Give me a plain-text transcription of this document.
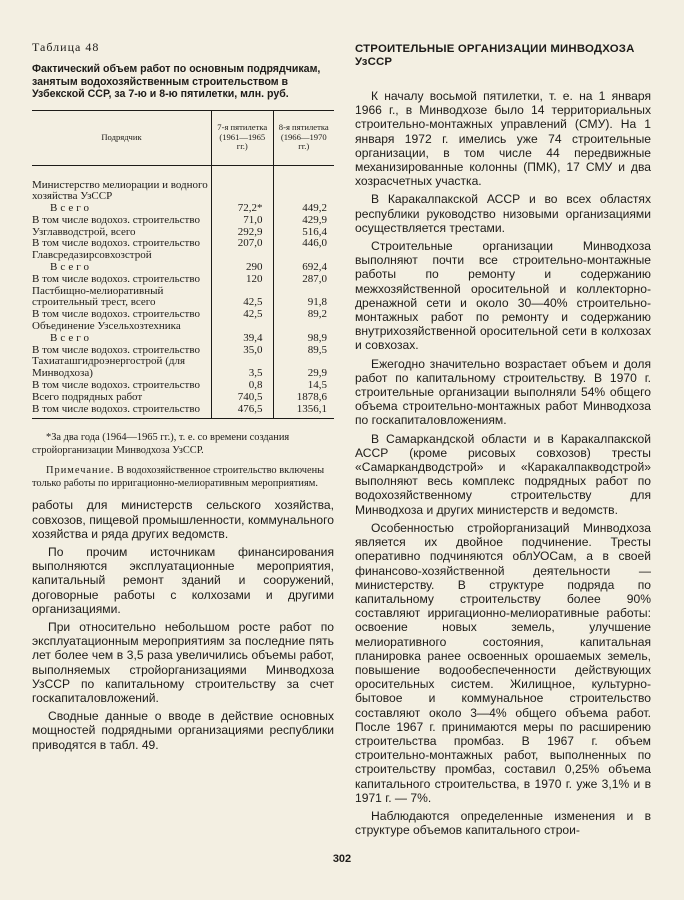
Таблица 48
Фактический объем работ по основным подрядчикам, занятым водохозяйственным строительством в Узбекской ССР, за 7-ю и 8-ю пятилетки, млн. руб.
Подрядчик	7-я пятилетка (1961—1965 гг.)	8-я пятилетка (1966—1970 гг.)

Министерство мелиорации и водного хозяйства УзССР		
Всего	72,2*	449,2
В том числе водохоз. строительство	71,0	429,9
Узглавводстрой, всего	292,9	516,4
В том числе водохоз. строительство	207,0	446,0
Главсредазирсовхозстрой		
Всего	290	692,4
В том числе водохоз. строительство	120	287,0
Пастбищно-мелиоративный строительный трест, всего	42,5	91,8
В том числе водохоз. строительство	42,5	89,2
Объединение Узсельхозтехника		
Всего	39,4	98,9
В том числе водохоз. строительство	35,0	89,5
Тахиаташгидроэнергострой (для Минводхоза)	3,5	29,9
В том числе водохоз. строительство	0,8	14,5
Всего подрядных работ	740,5	1878,6
В том числе водохоз. строительство	476,5	1356,1
*За два года (1964—1965 гг.), т. е. со времени создания стройорганизации Минводхоза УзССР.
Примечание. В водохозяйственное строительство включены только работы по ирригационно-мелиоративным мероприятиям.

работы для министерств сельского хозяйства, совхозов, пищевой промышленности, коммунального хозяйства и ряда других ведомств.

По прочим источникам финансирования выполняются эксплуатационные мероприятия, капитальный ремонт зданий и сооружений, договорные работы с колхозами и другими организациями.

При относительно небольшом росте работ по эксплуатационным мероприятиям за последние пять лет более чем в 3,5 раза увеличились объемы работ, выполняемых стройорганизациями Минводхоза УзССР по капитальному строительству за счет госкапиталовложений.

Сводные данные о вводе в действие основных мощностей подрядными организациями республики приводятся в табл. 49.

СТРОИТЕЛЬНЫЕ ОРГАНИЗАЦИИ МИНВОДХОЗА УзССР

К началу восьмой пятилетки, т. е. на 1 января 1966 г., в Минводхозе было 14 территориальных строительно-монтажных управлений (СМУ). На 1 января 1972 г. имелись уже 74 строительные организации, в том числе 44 передвижные механизированные колонны (ПМК), 17 СМУ и два хозрасчетных участка.

В Каракалпакской АССР и во всех областях республики руководство низовыми организациями осуществляется трестами.

Строительные организации Минводхоза выполняют почти все строительно-монтажные работы по ремонту и содержанию межхозяйственной оросительной и коллекторно-дренажной сети и около 30—40% строительно-монтажных работ по ремонту и содержанию внутрихозяйственной оросительной сети в колхозах и совхозах.

Ежегодно значительно возрастает объем и доля работ по капитальному строительству. В 1970 г. строительные организации выполняли 54% общего объема строительно-монтажных работ Минводхоза по госкапиталовложениям.

В Самаркандской области и в Каракалпакской АССР (кроме рисовых совхозов) тресты «Самаркандводстрой» и «Каракалпакводстрой» выполняют весь комплекс подрядных работ по водохозяйственному строительству для Минводхоза и других министерств и ведомств.

Особенностью стройорганизаций Минводхоза является их двойное подчинение. Тресты оперативно подчиняются облУОСам, а в своей финансово-хозяйственной деятельности — министерству. В структуре подряда по капитальному строительству более 90% составляют ирригационно-мелиоративные работы: освоение новых земель, улучшение мелиоративного состояния, капитальная планировка ранее освоенных орошаемых земель, повышение водообеспеченности действующих оросительных систем. Жилищное, культурно-бытовое и коммунальное строительство составляют около 3—4% общего объема работ. После 1967 г. принимаются меры по расширению строительства промбаз. В 1967 г. объем строительно-монтажных работ, выполненных по строительству промбаз, составил 0,25% объема капитального строительства, в 1970 г. уже 3,1% и в 1971 г. — 7%.

Наблюдаются определенные изменения и в структуре объемов капитального строи-

302
